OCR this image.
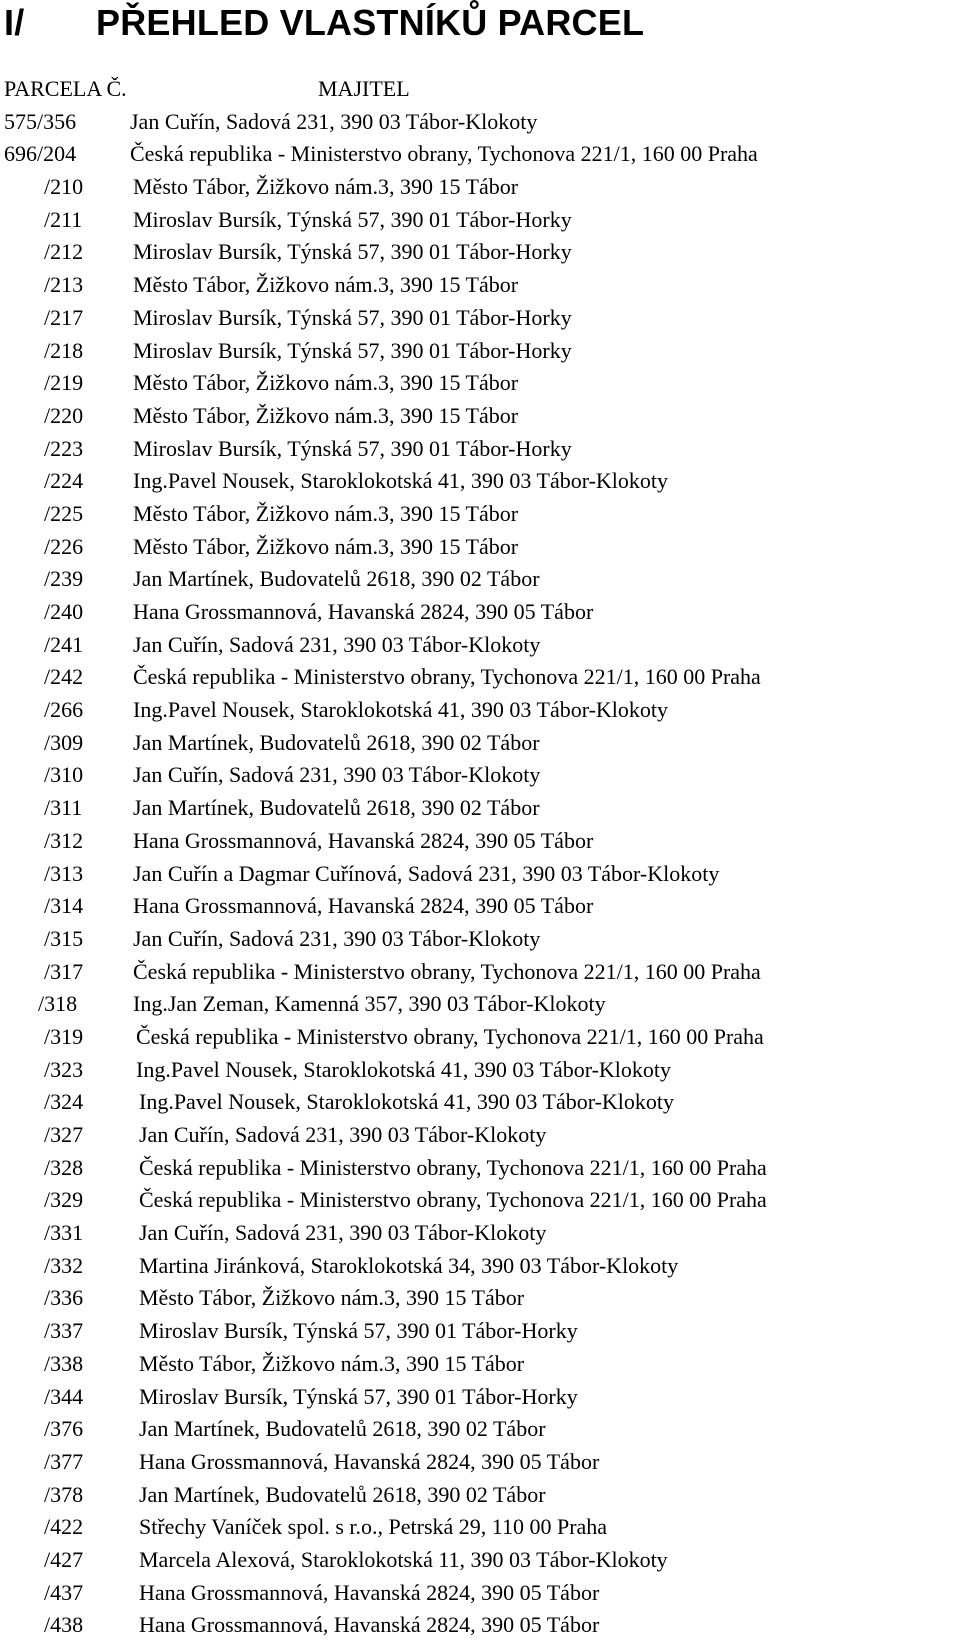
I/ PŘEHLED VLASTNÍKŮ PARCEL
PARCELA Č.	MAJITEL
575/356 Jan Cuřín, Sadová 231, 390 03 Tábor-Klokoty
696/204 Česká republika - Ministerstvo obrany, Tychonova 221/1, 160 00 Praha
/210 Město Tábor, Žižkovo nám.3, 390 15 Tábor
/211 Miroslav Bursík, Týnská 57, 390 01 Tábor-Horky
/212 Miroslav Bursík, Týnská 57, 390 01 Tábor-Horky
/213 Město Tábor, Žižkovo nám.3, 390 15 Tábor
/217 Miroslav Bursík, Týnská 57, 390 01 Tábor-Horky
/218 Miroslav Bursík, Týnská 57, 390 01 Tábor-Horky
/219 Město Tábor, Žižkovo nám.3, 390 15 Tábor
/220 Město Tábor, Žižkovo nám.3, 390 15 Tábor
/223 Miroslav Bursík, Týnská 57, 390 01 Tábor-Horky
/224 Ing.Pavel Nousek, Staroklokotská 41, 390 03 Tábor-Klokoty
/225 Město Tábor, Žižkovo nám.3, 390 15 Tábor
/226 Město Tábor, Žižkovo nám.3, 390 15 Tábor
/239 Jan Martínek, Budovatelů 2618, 390 02 Tábor
/240 Hana Grossmannová, Havanská 2824, 390 05 Tábor
/241 Jan Cuřín, Sadová 231, 390 03 Tábor-Klokoty
/242 Česká republika - Ministerstvo obrany, Tychonova 221/1, 160 00 Praha
/266 Ing.Pavel Nousek, Staroklokotská 41, 390 03 Tábor-Klokoty
/309 Jan Martínek, Budovatelů 2618, 390 02 Tábor
/310 Jan Cuřín, Sadová 231, 390 03 Tábor-Klokoty
/311 Jan Martínek, Budovatelů 2618, 390 02 Tábor
/312 Hana Grossmannová, Havanská 2824, 390 05 Tábor
/313 Jan Cuřín a Dagmar Cuřínová, Sadová 231, 390 03 Tábor-Klokoty
/314 Hana Grossmannová, Havanská 2824, 390 05 Tábor
/315 Jan Cuřín, Sadová 231, 390 03 Tábor-Klokoty
/317 Česká republika - Ministerstvo obrany, Tychonova 221/1, 160 00 Praha
/318	Ing.Jan Zeman, Kamenná 357, 390 03 Tábor-Klokoty
/319 Česká republika - Ministerstvo obrany, Tychonova 221/1, 160 00 Praha
/323 Ing.Pavel Nousek, Staroklokotská 41, 390 03 Tábor-Klokoty
/324	Ing.Pavel Nousek, Staroklokotská 41, 390 03 Tábor-Klokoty
/327	Jan Cuřín, Sadová 231, 390 03 Tábor-Klokoty
/328	Česká republika - Ministerstvo obrany, Tychonova 221/1, 160 00 Praha
/329	Česká republika - Ministerstvo obrany, Tychonova 221/1, 160 00 Praha
/331	Jan Cuřín, Sadová 231, 390 03 Tábor-Klokoty
/332	Martina Jiránková, Staroklokotská 34, 390 03 Tábor-Klokoty
/336	Město Tábor, Žižkovo nám.3, 390 15 Tábor
/337	Miroslav Bursík, Týnská 57, 390 01 Tábor-Horky
/338	Město Tábor, Žižkovo nám.3, 390 15 Tábor
/344	Miroslav Bursík, Týnská 57, 390 01 Tábor-Horky
/376	Jan Martínek, Budovatelů 2618, 390 02 Tábor
/377	Hana Grossmannová, Havanská 2824, 390 05 Tábor
/378	Jan Martínek, Budovatelů 2618, 390 02 Tábor
/422	Střechy Vaníček spol. s r.o., Petrská 29, 110 00 Praha
/427	Marcela Alexová, Staroklokotská 11, 390 03 Tábor-Klokoty
/437	Hana Grossmannová, Havanská 2824, 390 05 Tábor
/438	Hana Grossmannová, Havanská 2824, 390 05 Tábor
